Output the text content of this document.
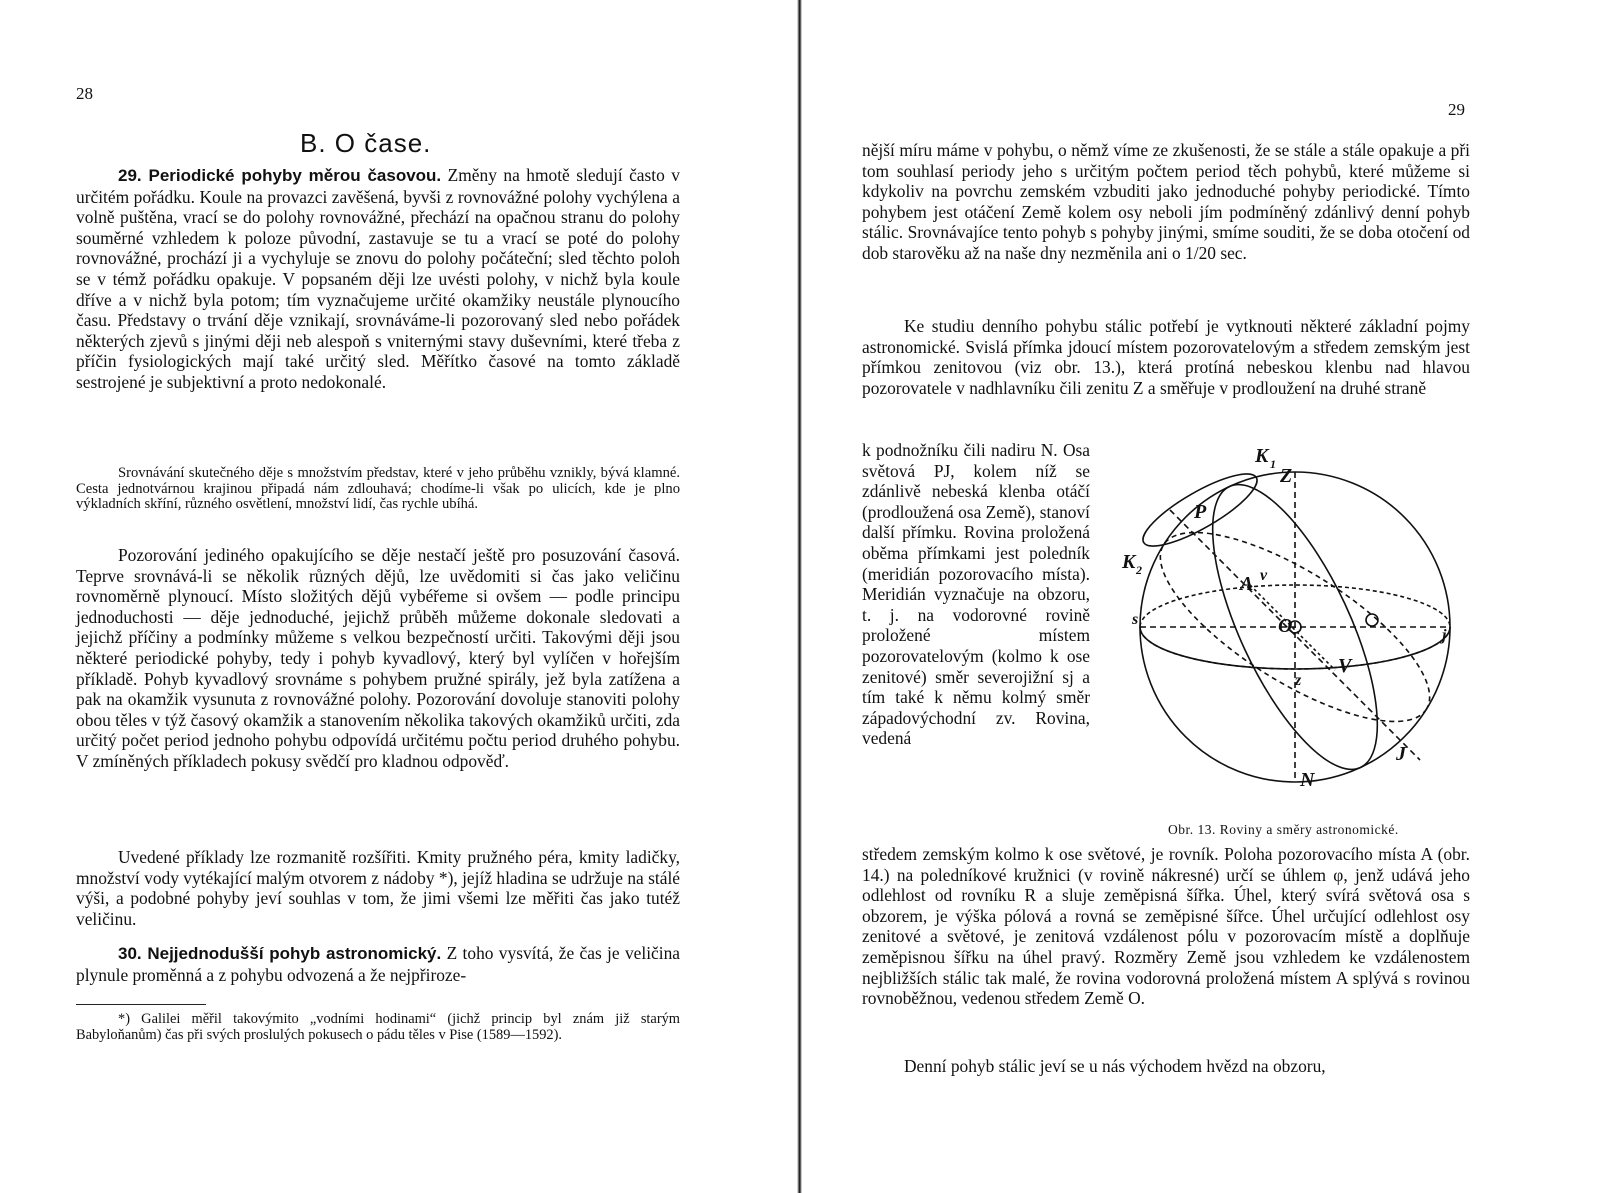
28
B. O čase.

29. Periodické pohyby měrou časovou. Změny na hmotě sledují často v určitém pořádku. Koule na provazci zavěšená, byvši z rovnovážné polohy vychýlena a volně puštěna, vrací se do polohy rovnovážné, přechází na opačnou stranu do polohy souměrné vzhledem k poloze původní, zastavuje se tu a vrací se poté do polohy rovnovážné, prochází ji a vychyluje se znovu do polohy počáteční; sled těchto poloh se v témž pořádku opakuje. V popsaném ději lze uvésti polohy, v nichž byla koule dříve a v nichž byla potom; tím vyznačujeme určité okamžiky neustále plynoucího času. Představy o trvání děje vznikají, srovnáváme-li pozorovaný sled nebo pořádek některých zjevů s jinými ději neb alespoň s vniternými stavy duševními, které třeba z příčin fysiologických mají také určitý sled. Měřítko časové na tomto základě sestrojené je subjektivní a proto nedokonalé.

Srovnávání skutečného děje s množstvím představ, které v jeho průběhu vznikly, bývá klamné. Cesta jednotvárnou krajinou připadá nám zdlouhavá; chodíme-li však po ulicích, kde je plno výkladních skříní, různého osvětlení, množství lidí, čas rychle ubíhá.

Pozorování jediného opakujícího se děje nestačí ještě pro posuzování časová. Teprve srovnává-li se několik různých dějů, lze uvědomiti si čas jako veličinu rovnoměrně plynoucí. Místo složitých dějů vybéřeme si ovšem — podle principu jednoduchosti — děje jednoduché, jejichž průběh můžeme dokonale sledovati a jejichž příčiny a podmínky můžeme s velkou bezpečností určiti. Takovými ději jsou některé periodické pohyby, tedy i pohyb kyvadlový, který byl vylíčen v hořejším příkladě. Pohyb kyvadlový srovnáme s pohybem pružné spirály, jež byla zatížena a pak na okamžik vysunuta z rovnovážné polohy. Pozorování dovoluje stanoviti polohy obou těles v týž časový okamžik a stanovením několika takových okamžiků určiti, zda určitý počet period jednoho pohybu odpovídá určitému počtu period druhého pohybu. V zmíněných příkladech pokusy svědčí pro kladnou odpověď.

Uvedené příklady lze rozmanitě rozšířiti. Kmity pružného péra, kmity ladičky, množství vody vytékající malým otvorem z nádoby *), jejíž hladina se udržuje na stálé výši, a podobné pohyby jeví souhlas v tom, že jimi všemi lze měřiti čas jako tutéž veličinu.

30. Nejjednodušší pohyb astronomický. Z toho vysvítá, že čas je veličina plynule proměnná a z pohybu odvozená a že nejpřiroze-

*) Galilei měřil takovýmito „vodními hodinami“ (jichž princip byl znám již starým Babyloňanům) čas při svých proslulých pokusech o pádu těles v Pise (1589—1592).

29

nější míru máme v pohybu, o němž víme ze zkušenosti, že se stále a stále opakuje a při tom souhlasí periody jeho s určitým počtem period těch pohybů, které můžeme si kdykoliv na povrchu zemském vzbuditi jako jednoduché pohyby periodické. Tímto pohybem jest otáčení Země kolem osy neboli jím podmíněný zdánlivý denní pohyb stálic. Srovnávajíce tento pohyb s pohyby jinými, smíme souditi, že se doba otočení od dob starověku až na naše dny nezměnila ani o 1/20 sec.

Ke studiu denního pohybu stálic potřebí je vytknouti některé základní pojmy astronomické. Svislá přímka jdoucí místem pozorovatelovým a středem zemským jest přímkou zenitovou (viz obr. 13.), která protíná nebeskou klenbu nad hlavou pozorovatele v nadhlavníku čili zenitu Z a směřuje v prodloužení na druhé straně

k podnožníku čili nadiru N. Osa světová PJ, kolem níž se zdánlivě nebeská klenba otáčí (prodloužená osa Země), stanoví další přímku. Rovina proložená oběma přímkami jest poledník (meridián pozorovacího místa). Meridián vyznačuje na obzoru, t. j. na vodorovné rovině proložené místem pozorovatelovým (kolmo k ose zenitové) směr severojižní sj a tím také k němu kolmý směr západovýchodní zv. Rovina, vedená

středem zemským kolmo k ose světové, je rovník. Poloha pozorovacího místa A (obr. 14.) na poledníkové kružnici (v rovině nákresné) určí se úhlem φ, jenž udává jeho odlehlost od rovníku R a sluje zeměpisná šířka. Úhel, který svírá světová osa s obzorem, je výška pólová a rovná se zeměpisné šířce. Úhel určující odlehlost osy zenitové a světové, je zenitová vzdálenost pólu v pozorovacím místě a doplňuje zeměpisnou šířku na úhel pravý. Rozměry Země jsou vzhledem ke vzdálenostem nejbližších stálic tak malé, že rovina vodorovná proložená místem A splývá s rovinou rovnoběžnou, vedenou středem Země O.

Denní pohyb stálic jeví se u nás východem hvězd na obzoru,

K 1
Z
P
K 2
A v
s	O	j
z
V
J
N
Obr. 13. Roviny a směry astronomické.
